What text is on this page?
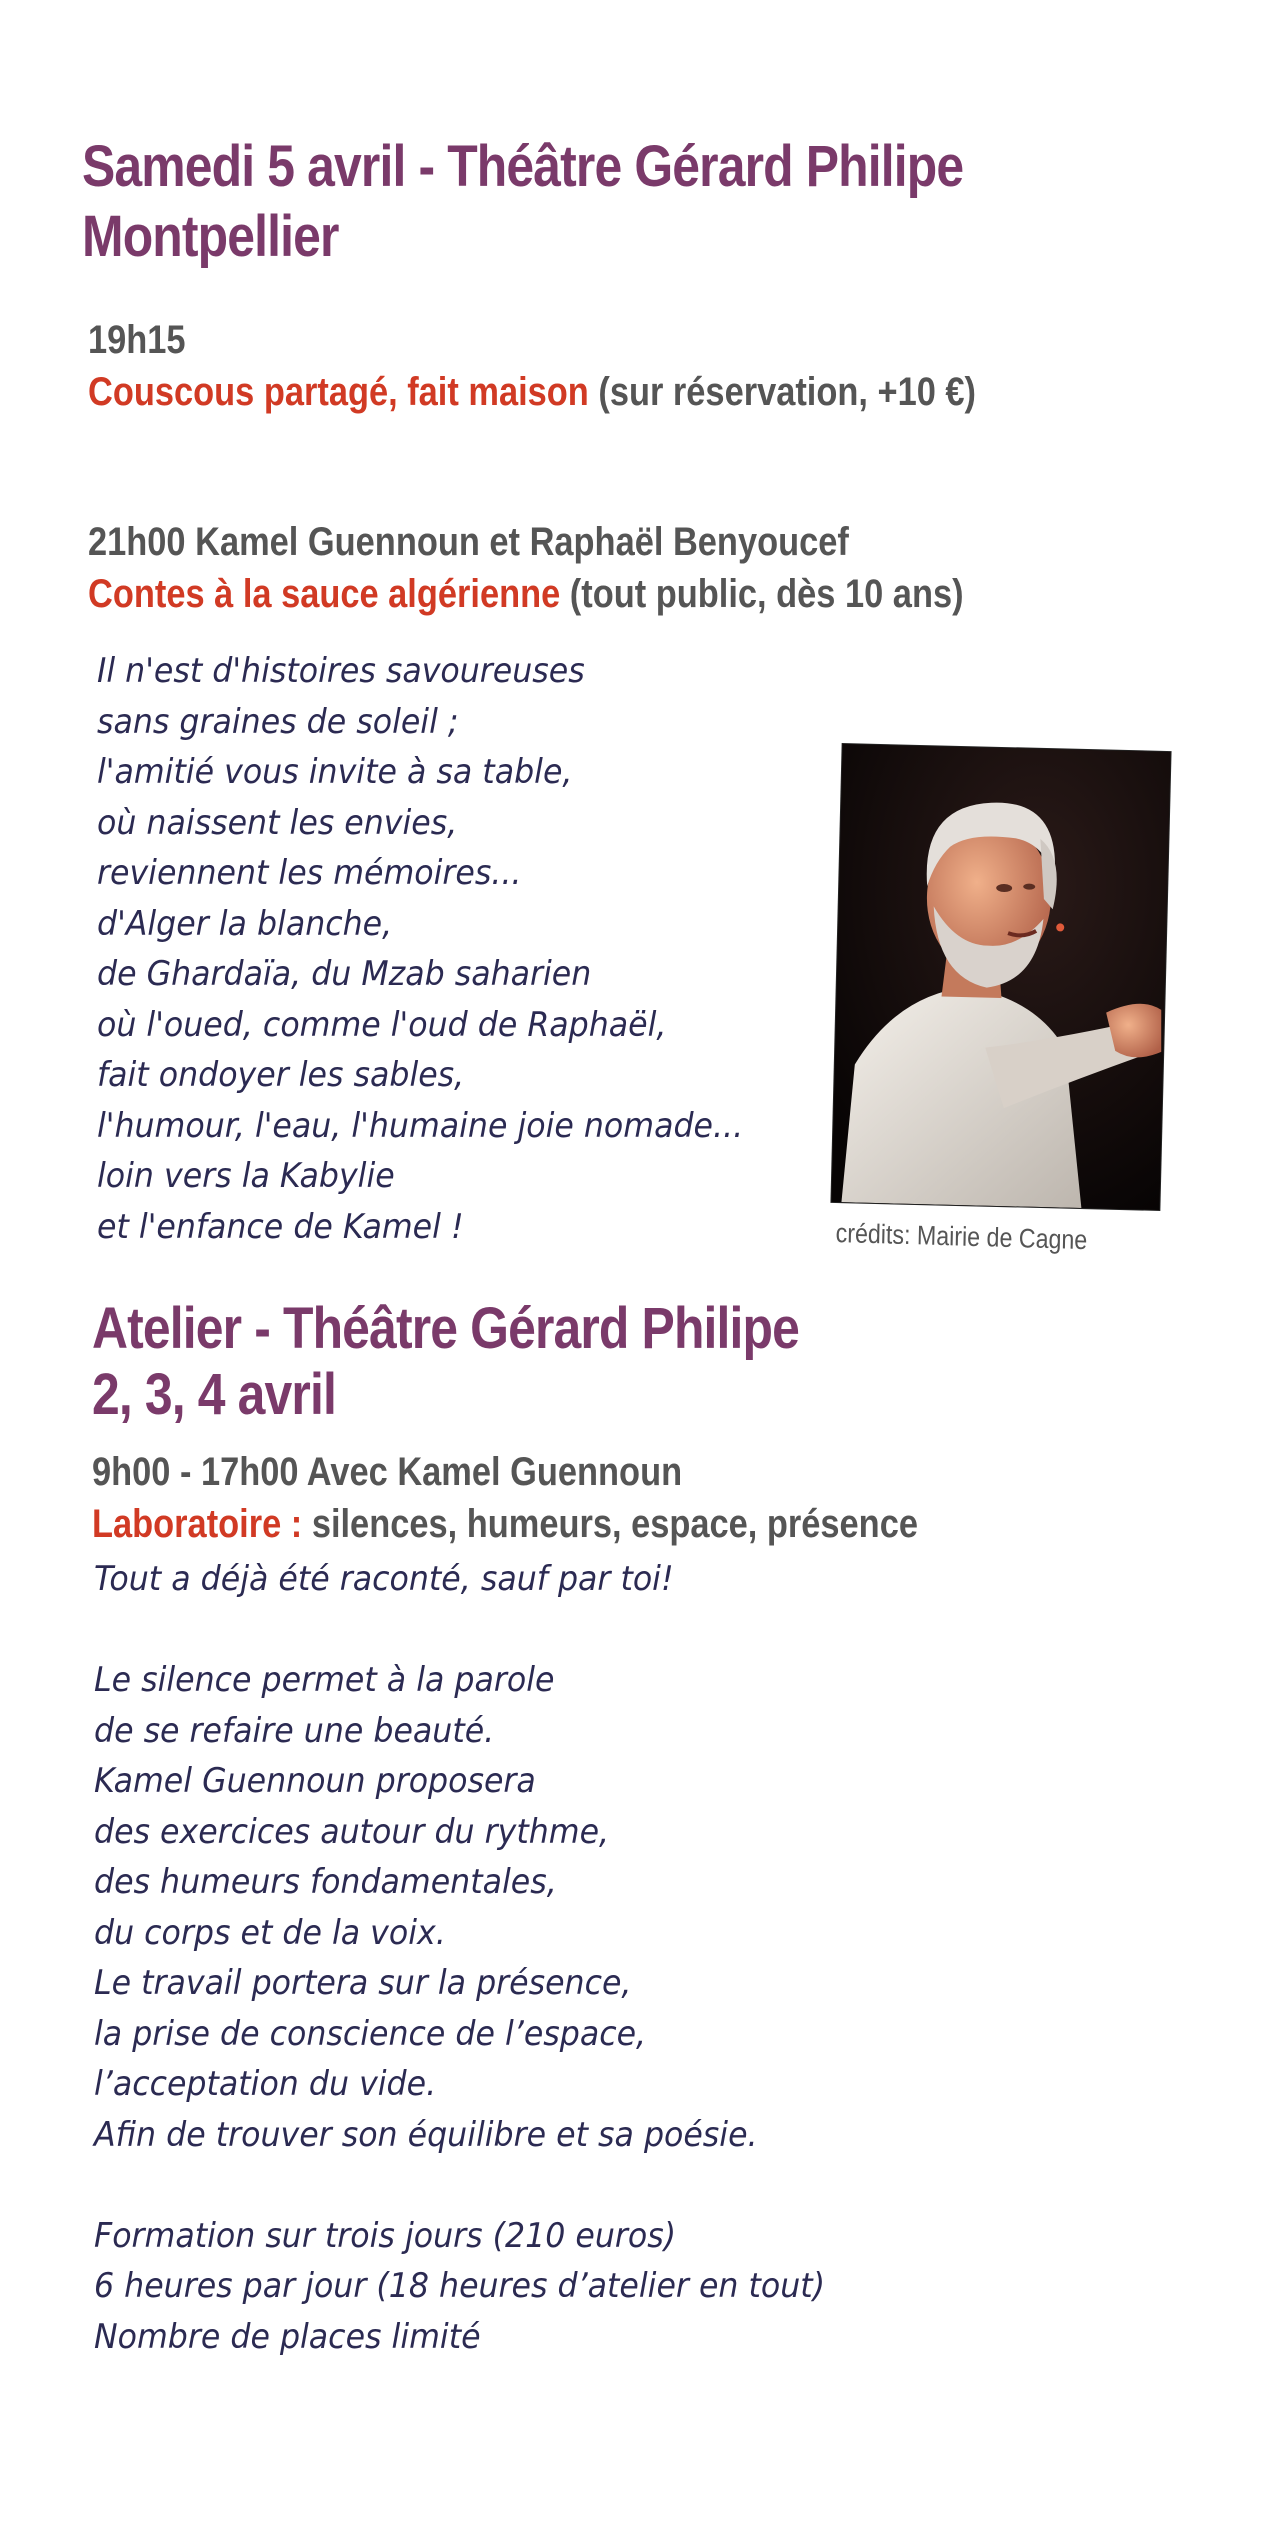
Samedi 5 avril - Théâtre Gérard Philipe
Montpellier
19h15
Couscous partagé, fait maison (sur réservation, +10 €)
21h00 Kamel Guennoun et Raphaël Benyoucef
Contes à la sauce algérienne (tout public, dès 10 ans)
Il n'est d'histoires savoureuses
sans graines de soleil ;
l'amitié vous invite à sa table,
où naissent les envies,
reviennent les mémoires...
d'Alger la blanche,
de Ghardaïa, du Mzab saharien
où l'oued, comme l'oud de Raphaël,
fait ondoyer les sables,
l'humour, l'eau, l'humaine joie nomade...
loin vers la Kabylie
et l'enfance de Kamel !	crédits: Mairie de Cagne
Atelier - Théâtre Gérard Philipe
2, 3, 4 avril
9h00 - 17h00 Avec Kamel Guennoun
Laboratoire : silences, humeurs, espace, présence
Tout a déjà été raconté, sauf par toi!
Le silence permet à la parole
de se refaire une beauté.
Kamel Guennoun proposera
des exercices autour du rythme,
des humeurs fondamentales,
du corps et de la voix.
Le travail portera sur la présence,
la prise de conscience de l’espace,
l’acceptation du vide.
Afin de trouver son équilibre et sa poésie.
Formation sur trois jours (210 euros)
6 heures par jour (18 heures d’atelier en tout)
Nombre de places limité
